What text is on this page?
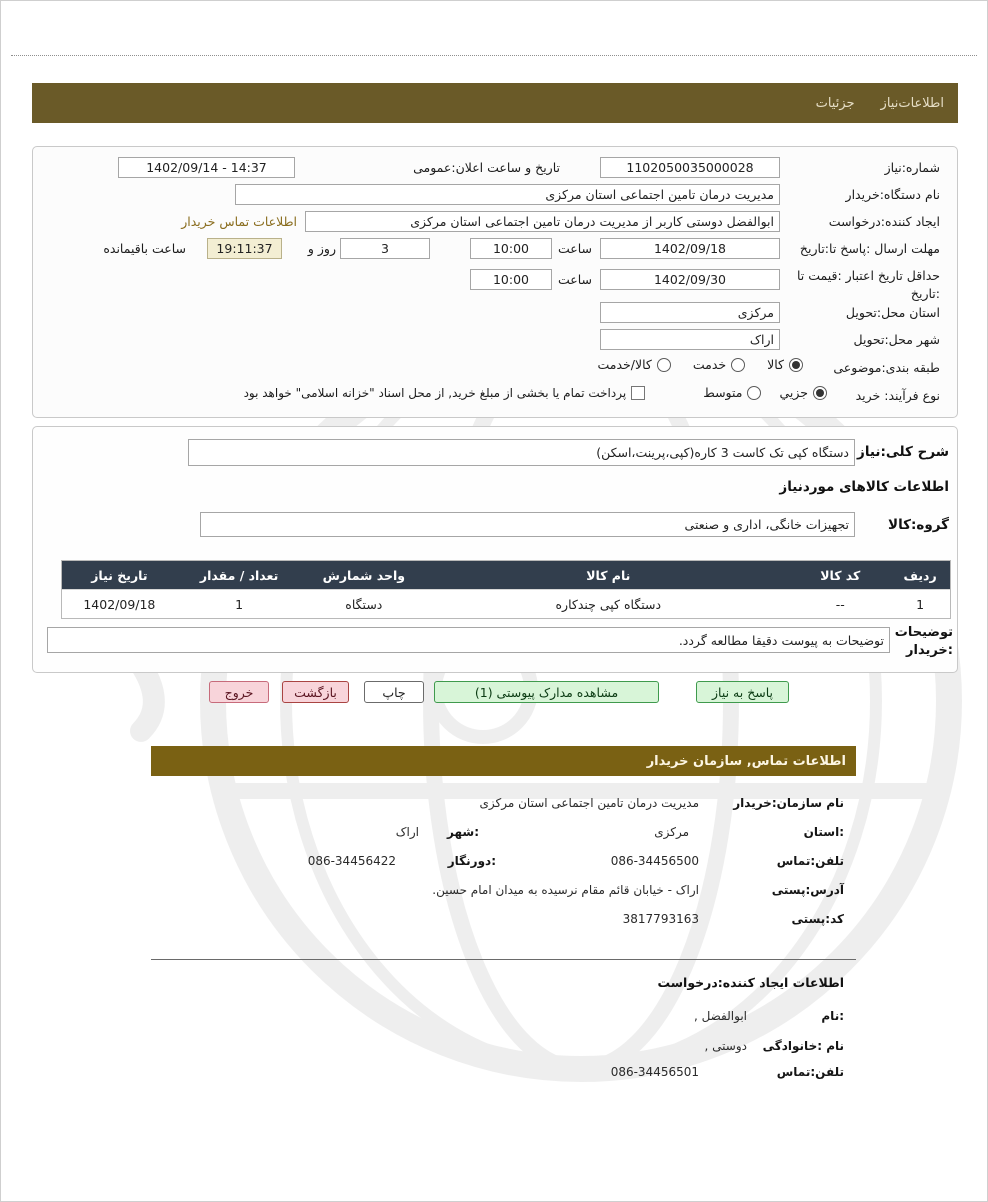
اطلاعات‌نیاز
جزئیات
شماره:نیاز
1102050035000028
تاریخ و ساعت اعلان:عمومی
1402/09/14 - 14:37
نام دستگاه:خریدار
مدیریت درمان تامین اجتماعی استان مرکزی
ایجاد کننده:درخواست
ابوالفضل دوستی کاربر از مدیریت درمان تامین اجتماعی استان مرکزی
اطلاعات تماس خریدار
مهلت ارسال :پاسخ تا:تاریخ
1402/09/18
ساعت
10:00
3
روز و
19:11:37
ساعت باقیمانده
حداقل تاریخ اعتبار :قیمت تا :تاریخ
1402/09/30
ساعت
10:00
استان محل:تحویل
مرکزی
شهر محل:تحویل
اراک
طبقه بندی:موضوعی
کالا
خدمت
کالا/خدمت
نوع فرآیند: خرید
جزيي
متوسط
پرداخت تمام یا بخشی از مبلغ خرید, از محل اسناد "خزانه اسلامی" خواهد بود
شرح کلی:نیاز
دستگاه کپی تک کاست 3 کاره(کپی،پرینت،اسکن)
اطلاعات کالاهای موردنیاز
گروه:کالا
تجهیزات خانگی، اداری و صنعتی
ردیف
کد کالا
نام کالا
واحد شمارش
تعداد / مقدار
تاریخ نیاز
1
--
دستگاه کپی چندکاره
دستگاه
1
1402/09/18
توضیحات
:خریدار
توضیحات به پیوست دقیقا مطالعه گردد.
پاسخ به نیاز
مشاهده مدارک پیوستی (1)
چاپ
بازگشت
خروج
اطلاعات تماس, سازمان خریدار
نام سازمان:خریدار
مدیریت درمان تامین اجتماعی استان مرکزی
:استان
مرکزی
:شهر
اراک
تلفن:تماس
086-34456500
:دورنگار
086-34456422
آدرس:پستی
اراک - خیابان قائم مقام نرسیده به میدان امام حسین.
کد:پستی
3817793163
اطلاعات ایجاد کننده:درخواست
:نام
ابوالفضل ,
نام :خانوادگی
دوستی ,
تلفن:تماس
086-34456501
